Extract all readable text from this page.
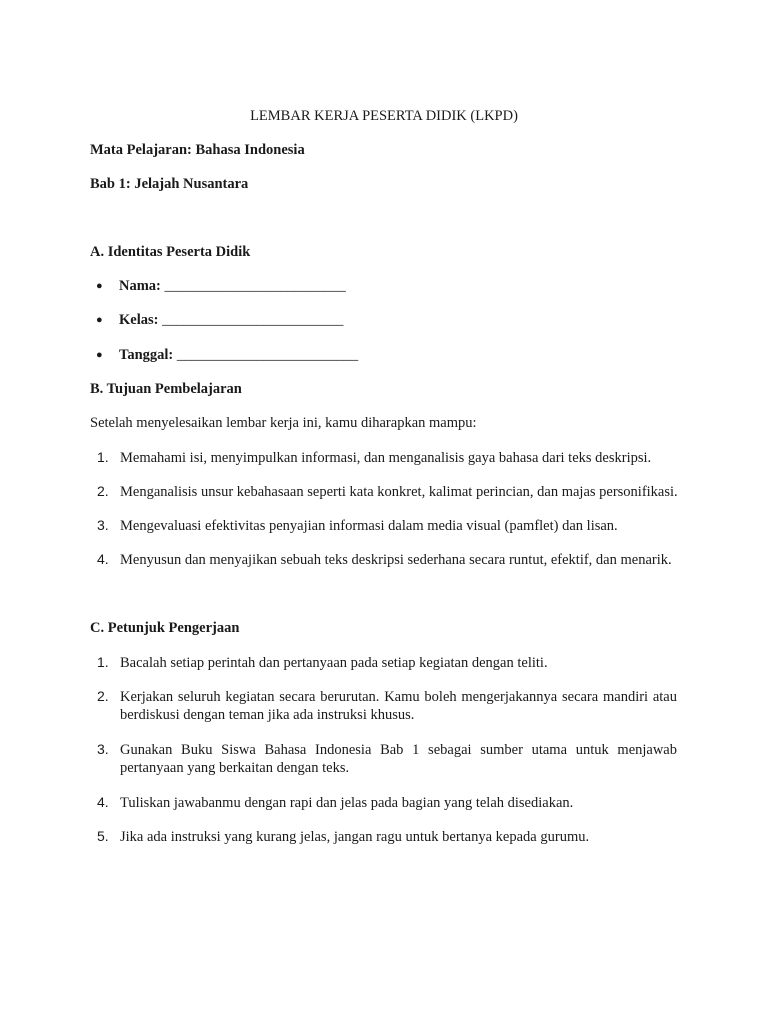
LEMBAR KERJA PESERTA DIDIK (LKPD)
Mata Pelajaran: Bahasa Indonesia
Bab 1: Jelajah Nusantara
A. Identitas Peserta Didik
● Nama: _________________________
● Kelas: _________________________
● Tanggal: _________________________
B. Tujuan Pembelajaran
Setelah menyelesaikan lembar kerja ini, kamu diharapkan mampu:
1. Memahami isi, menyimpulkan informasi, dan menganalisis gaya bahasa dari teks deskripsi.
2. Menganalisis unsur kebahasaan seperti kata konkret, kalimat perincian, dan majas personifikasi.
3. Mengevaluasi efektivitas penyajian informasi dalam media visual (pamflet) dan lisan.
4. Menyusun dan menyajikan sebuah teks deskripsi sederhana secara runtut, efektif, dan menarik.
C. Petunjuk Pengerjaan
1. Bacalah setiap perintah dan pertanyaan pada setiap kegiatan dengan teliti.
2. Kerjakan seluruh kegiatan secara berurutan. Kamu boleh mengerjakannya secara mandiri atau berdiskusi dengan teman jika ada instruksi khusus.
3. Gunakan Buku Siswa Bahasa Indonesia Bab 1 sebagai sumber utama untuk menjawab pertanyaan yang berkaitan dengan teks.
4. Tuliskan jawabanmu dengan rapi dan jelas pada bagian yang telah disediakan.
5. Jika ada instruksi yang kurang jelas, jangan ragu untuk bertanya kepada gurumu.
